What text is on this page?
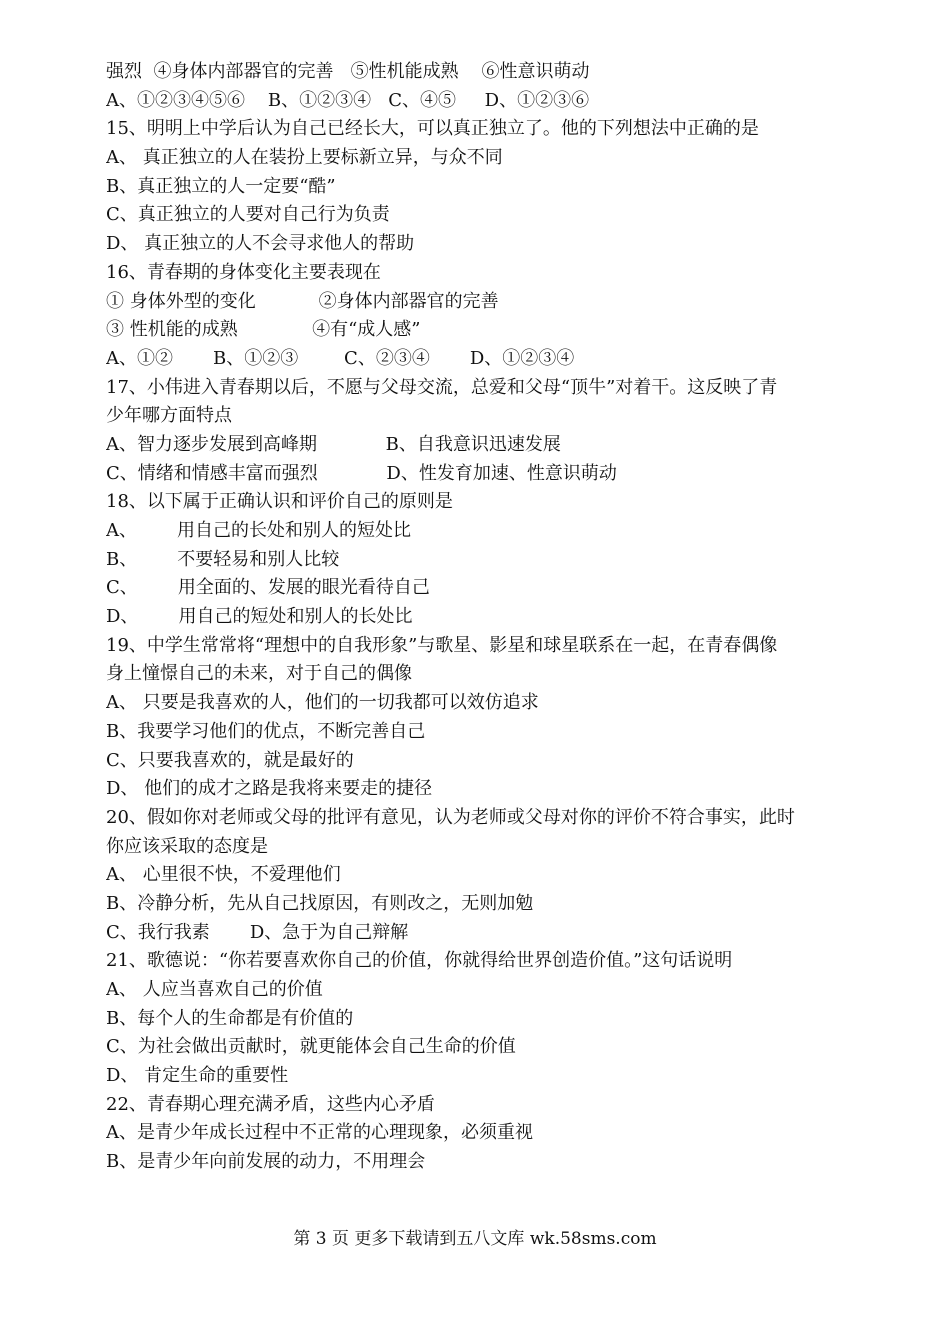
强烈  ④身体内部器官的完善   ⑤性机能成熟    ⑥性意识萌动
A、①②③④⑤⑥    B、①②③④   C、④⑤     D、①②③⑥
15、明明上中学后认为自己已经长大，可以真正独立了。他的下列想法中正确的是
A、 真正独立的人在装扮上要标新立异，与众不同
B、真正独立的人一定要“酷”
C、真正独立的人要对自己行为负责
D、 真正独立的人不会寻求他人的帮助
16、青春期的身体变化主要表现在
① 身体外型的变化           ②身体内部器官的完善
③ 性机能的成熟             ④有“成人感”
A、①②       B、①②③        C、②③④       D、①②③④
17、小伟进入青春期以后，不愿与父母交流，总爱和父母“顶牛”对着干。这反映了青
少年哪方面特点
A、智力逐步发展到高峰期            B、自我意识迅速发展
C、情绪和情感丰富而强烈            D、性发育加速、性意识萌动
18、以下属于正确认识和评价自己的原则是
A、       用自己的长处和别人的短处比
B、       不要轻易和别人比较
C、       用全面的、发展的眼光看待自己
D、       用自己的短处和别人的长处比
19、中学生常常将“理想中的自我形象”与歌星、影星和球星联系在一起，在青春偶像
身上憧憬自己的未来，对于自己的偶像
A、 只要是我喜欢的人，他们的一切我都可以效仿追求
B、我要学习他们的优点，不断完善自己
C、只要我喜欢的，就是最好的
D、 他们的成才之路是我将来要走的捷径
20、假如你对老师或父母的批评有意见，认为老师或父母对你的评价不符合事实，此时
你应该采取的态度是
A、 心里很不快，不爱理他们
B、冷静分析，先从自己找原因，有则改之，无则加勉
C、我行我素       D、急于为自己辩解
21、歌德说：“你若要喜欢你自己的价值，你就得给世界创造价值。”这句话说明
A、 人应当喜欢自己的价值
B、每个人的生命都是有价值的
C、为社会做出贡献时，就更能体会自己生命的价值
D、 肯定生命的重要性
22、青春期心理充满矛盾，这些内心矛盾
A、是青少年成长过程中不正常的心理现象，必须重视
B、是青少年向前发展的动力，不用理会
第 3 页 更多下载请到五八文库 wk.58sms.com
